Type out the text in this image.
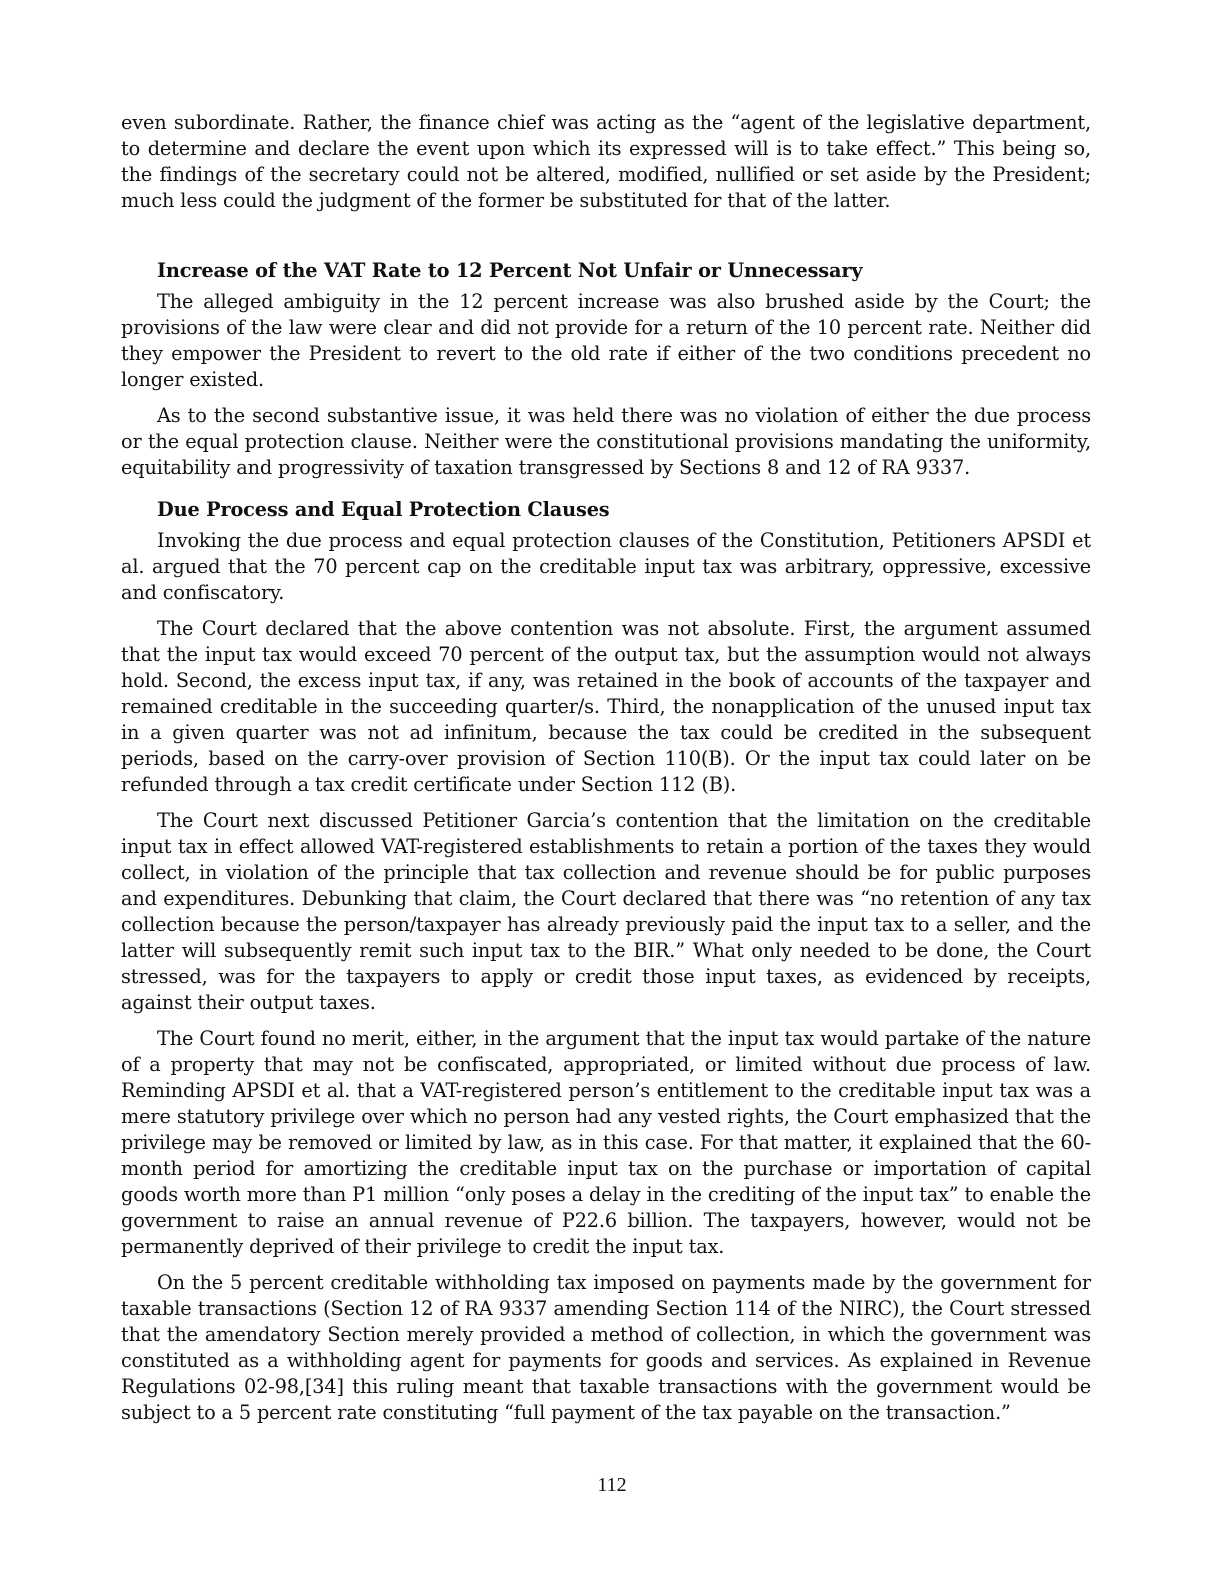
even subordinate. Rather, the finance chief was acting as the “agent of the legislative department, to determine and declare the event upon which its expressed will is to take effect.” This being so, the findings of the secretary could not be altered, modified, nullified or set aside by the President; much less could the judgment of the former be substituted for that of the latter.

Increase of the VAT Rate to 12 Percent Not Unfair or Unnecessary

The alleged ambiguity in the 12 percent increase was also brushed aside by the Court; the provisions of the law were clear and did not provide for a return of the 10 percent rate. Neither did they empower the President to revert to the old rate if either of the two conditions precedent no longer existed.

As to the second substantive issue, it was held there was no violation of either the due process or the equal protection clause. Neither were the constitutional provisions mandating the uniformity, equitability and progressivity of taxation transgressed by Sections 8 and 12 of RA 9337.

Due Process and Equal Protection Clauses

Invoking the due process and equal protection clauses of the Constitution, Petitioners APSDI et al. argued that the 70 percent cap on the creditable input tax was arbitrary, oppressive, excessive and confiscatory.

The Court declared that the above contention was not absolute. First, the argument assumed that the input tax would exceed 70 percent of the output tax, but the assumption would not always hold. Second, the excess input tax, if any, was retained in the book of accounts of the taxpayer and remained creditable in the succeeding quarter/s. Third, the nonapplication of the unused input tax in a given quarter was not ad infinitum, because the tax could be credited in the subsequent periods, based on the carry-over provision of Section 110(B). Or the input tax could later on be refunded through a tax credit certificate under Section 112 (B).

The Court next discussed Petitioner Garcia’s contention that the limitation on the creditable input tax in effect allowed VAT-registered establishments to retain a portion of the taxes they would collect, in violation of the principle that tax collection and revenue should be for public purposes and expenditures. Debunking that claim, the Court declared that there was “no retention of any tax collection because the person/taxpayer has already previously paid the input tax to a seller, and the latter will subsequently remit such input tax to the BIR.” What only needed to be done, the Court stressed, was for the taxpayers to apply or credit those input taxes, as evidenced by receipts, against their output taxes.

The Court found no merit, either, in the argument that the input tax would partake of the nature of a property that may not be confiscated, appropriated, or limited without due process of law. Reminding APSDI et al. that a VAT-registered person’s entitlement to the creditable input tax was a mere statutory privilege over which no person had any vested rights, the Court emphasized that the privilege may be removed or limited by law, as in this case. For that matter, it explained that the 60-month period for amortizing the creditable input tax on the purchase or importation of capital goods worth more than P1 million “only poses a delay in the crediting of the input tax” to enable the government to raise an annual revenue of P22.6 billion. The taxpayers, however, would not be permanently deprived of their privilege to credit the input tax.

On the 5 percent creditable withholding tax imposed on payments made by the government for taxable transactions (Section 12 of RA 9337 amending Section 114 of the NIRC), the Court stressed that the amendatory Section merely provided a method of collection, in which the government was constituted as a withholding agent for payments for goods and services. As explained in Revenue Regulations 02-98,[34] this ruling meant that taxable transactions with the government would be subject to a 5 percent rate constituting “full payment of the tax payable on the transaction.”

112
